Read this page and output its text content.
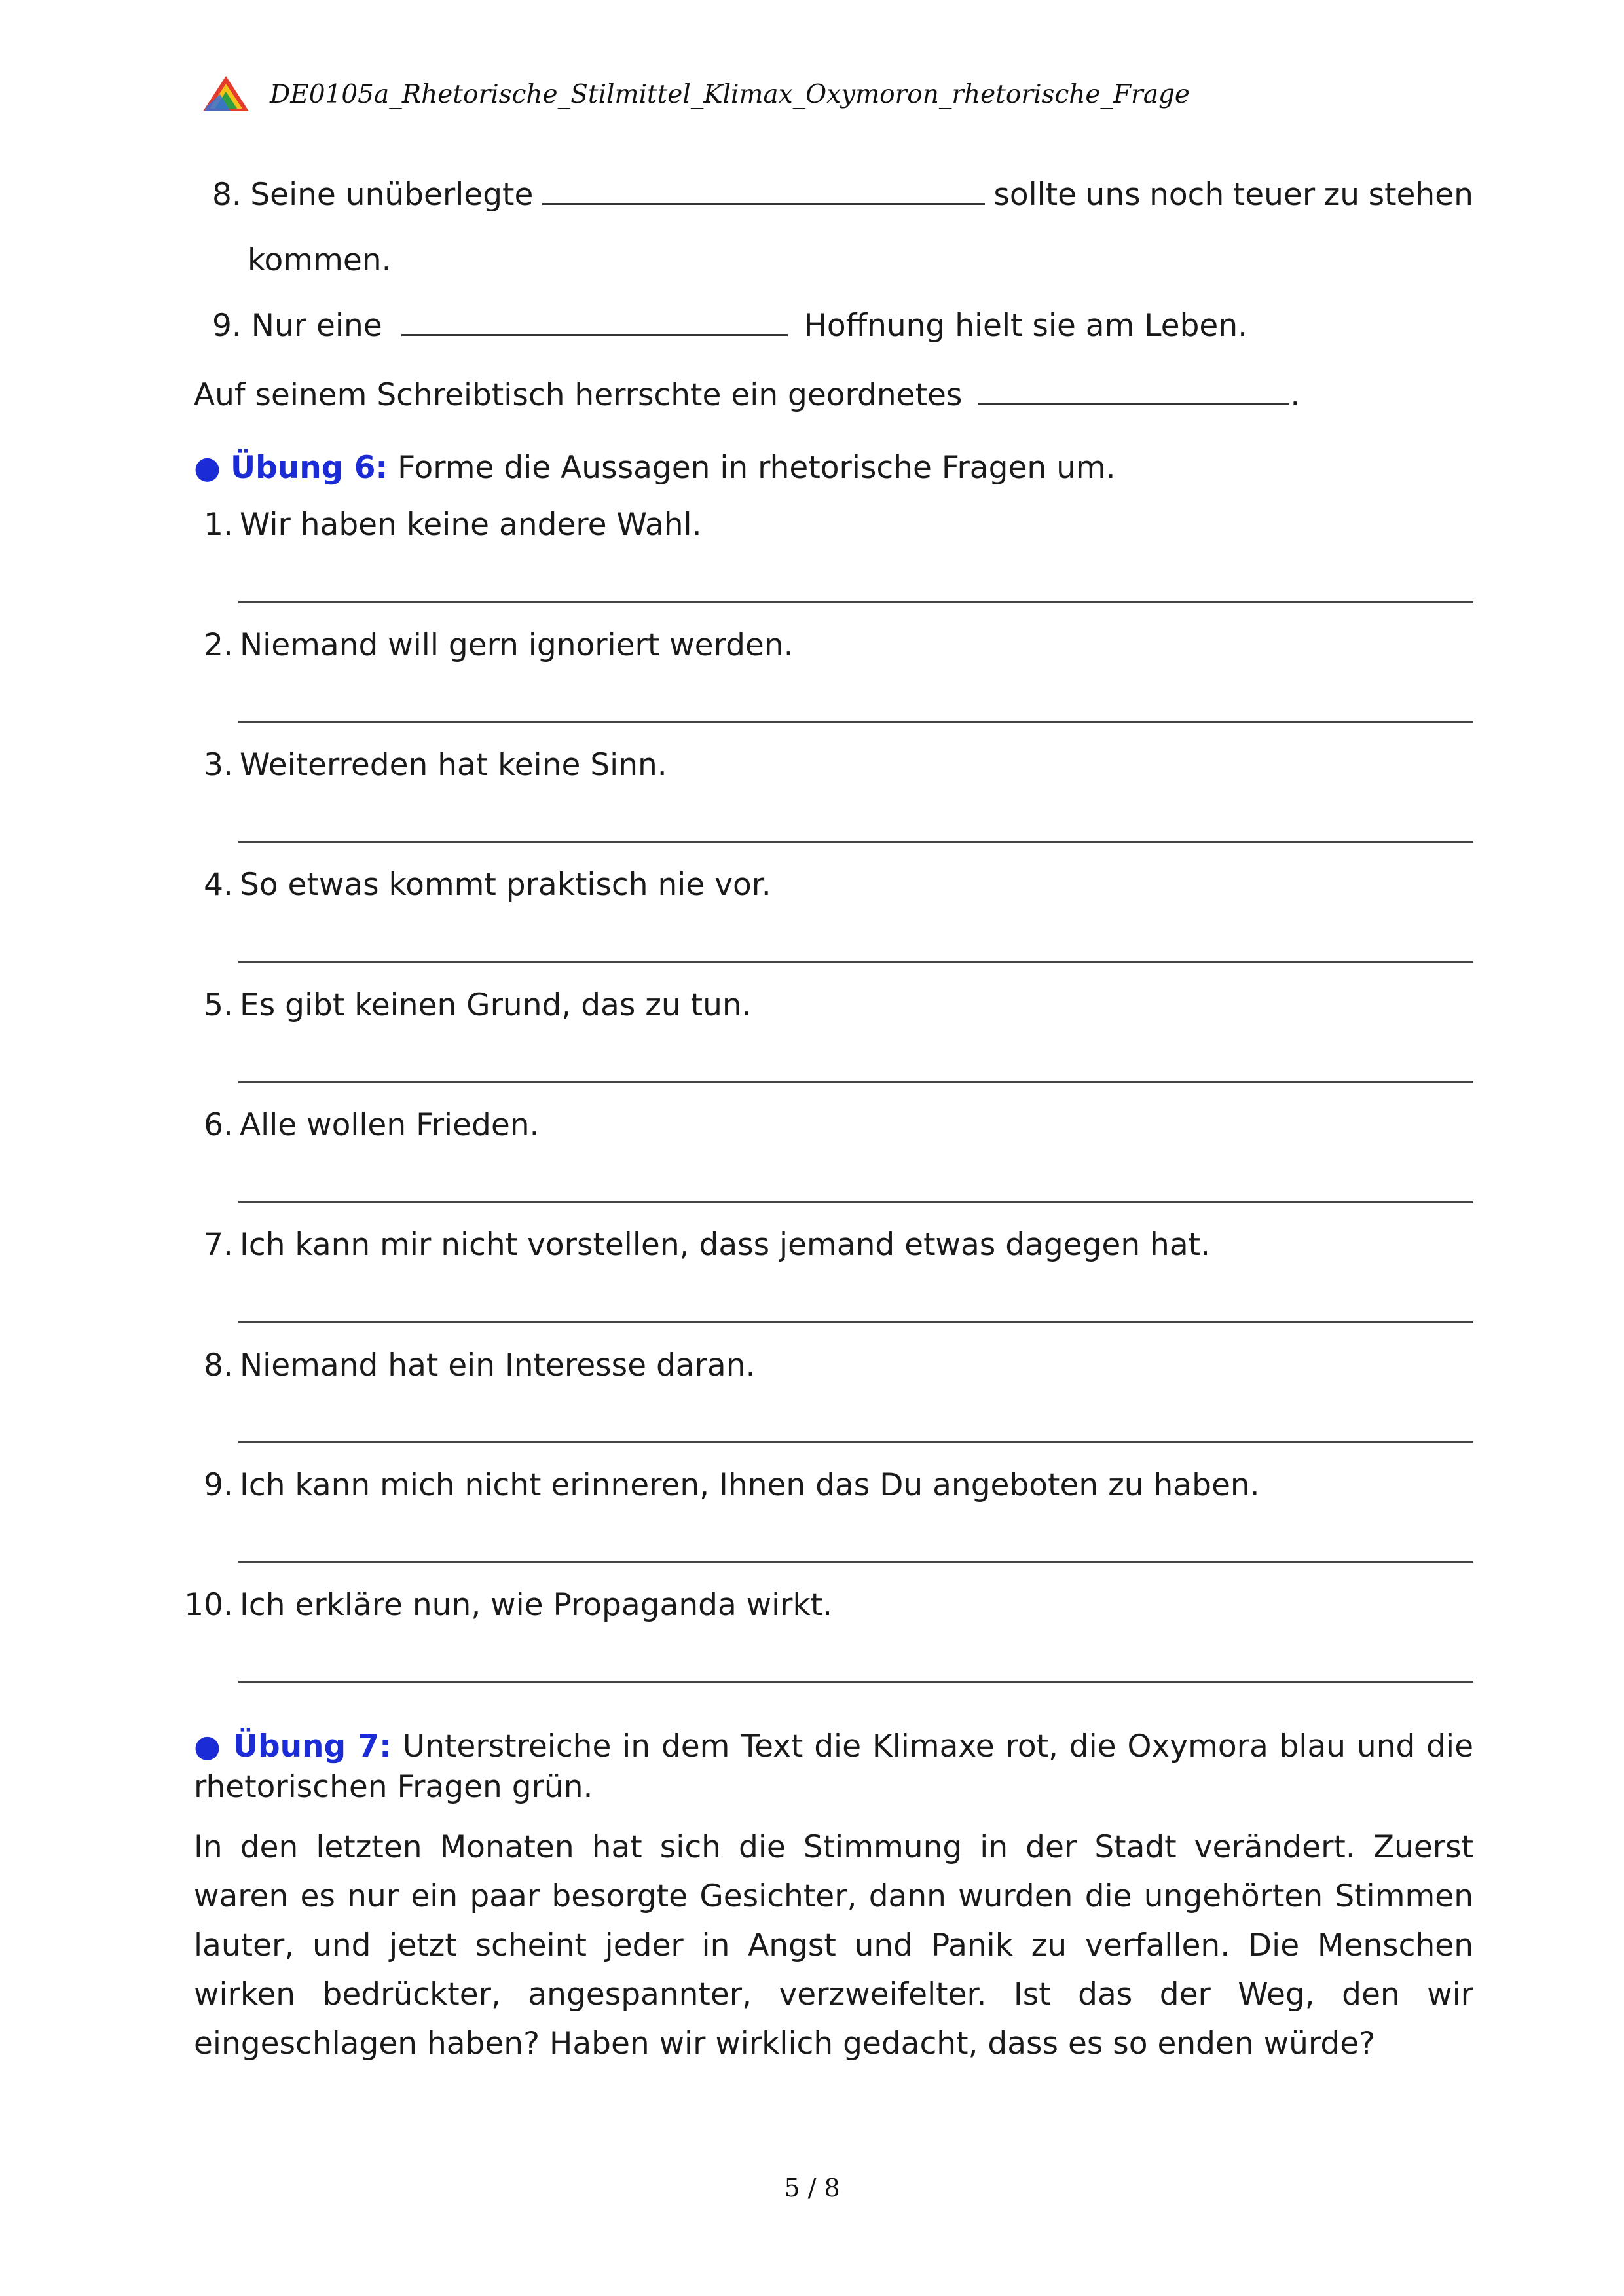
DE0105a_Rhetorische_Stilmittel_Klimax_Oxymoron_rhetorische_Frage
8. Seine unüberlegte	sollte uns noch teuer zu stehen
kommen.
9. Nur eine	Hoffnung hielt sie am Leben.
Auf seinem Schreibtisch herrschte ein geordnetes	.
● Übung 6: Forme die Aussagen in rhetorische Fragen um.
1. Wir haben keine andere Wahl.
2. Niemand will gern ignoriert werden.
3. Weiterreden hat keine Sinn.
4. So etwas kommt praktisch nie vor.
5. Es gibt keinen Grund, das zu tun.
6. Alle wollen Frieden.
7. Ich kann mir nicht vorstellen, dass jemand etwas dagegen hat.
8. Niemand hat ein Interesse daran.
9. Ich kann mich nicht erinneren, Ihnen das Du angeboten zu haben.
10. Ich erkläre nun, wie Propaganda wirkt.
● Übung 7: Unterstreiche in dem Text die Klimaxe rot, die Oxymora blau und die rhetorischen Fragen grün.
In den letzten Monaten hat sich die Stimmung in der Stadt verändert. Zuerst waren es nur ein paar besorgte Gesichter, dann wurden die ungehörten Stimmen lauter, und jetzt scheint jeder in Angst und Panik zu verfallen. Die Menschen wirken bedrückter, angespannter, verzweifelter. Ist das der Weg, den wir eingeschlagen haben? Haben wir wirklich gedacht, dass es so enden würde?
5 / 8
